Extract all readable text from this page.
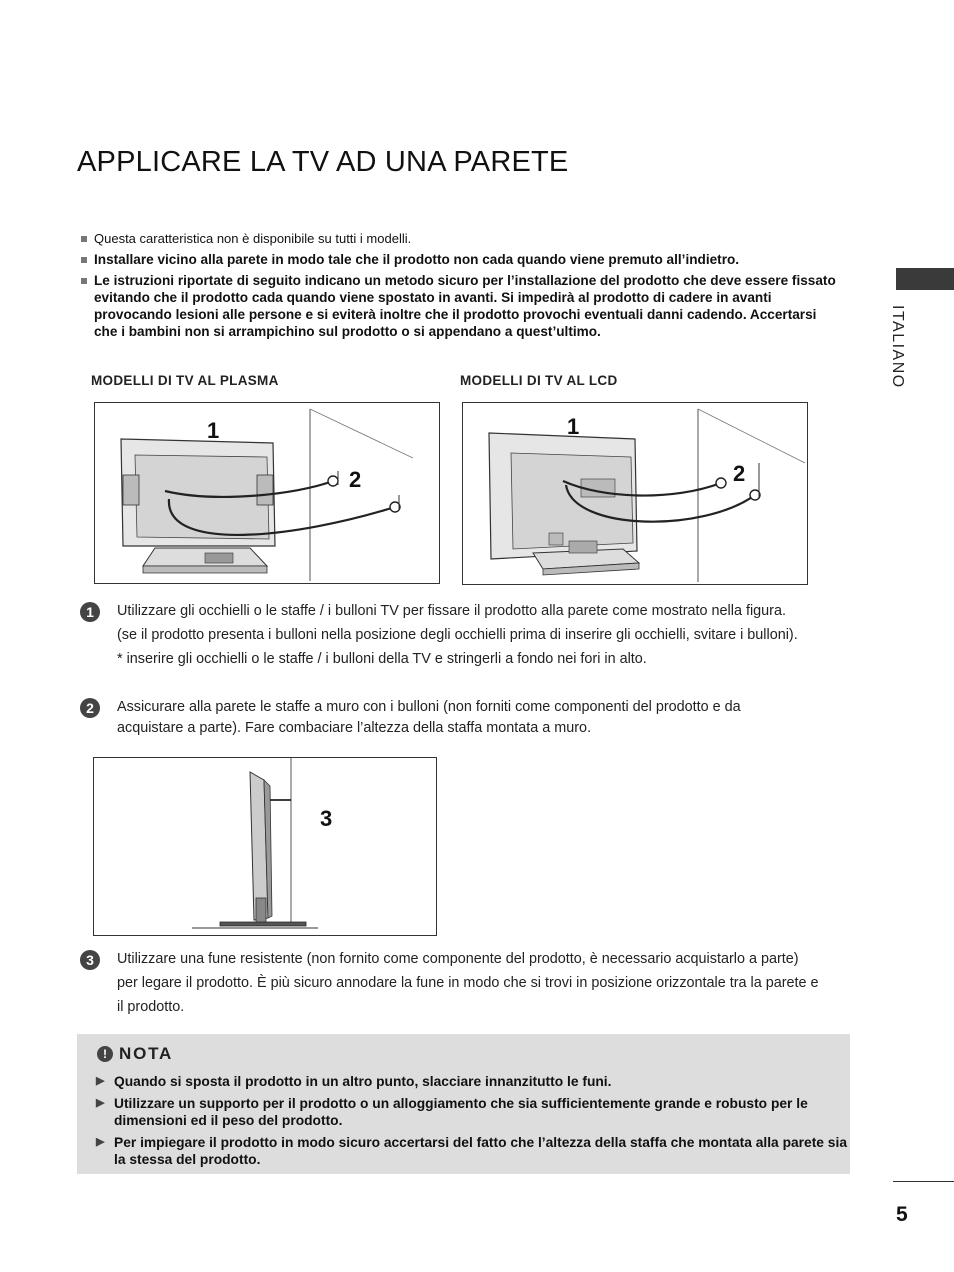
APPLICARE LA TV AD UNA PARETE
Questa caratteristica non è disponibile su tutti i modelli.
Installare vicino alla parete in modo tale che il prodotto non cada quando viene premuto all’indietro.
Le istruzioni riportate di seguito indicano un metodo sicuro per l’installazione del prodotto che deve essere fissato evitando che il prodotto cada quando viene spostato in avanti. Si impedirà al prodotto di cadere in avanti provocando lesioni alle persone e si eviterà inoltre che il prodotto provochi eventuali danni cadendo. Accertarsi che i bambini non si arrampichino sul prodotto o si appendano a quest’ultimo.	ITALIANO
MODELLI DI TV AL PLASMA	MODELLI DI TV AL LCD
1
2
1
2
1	Utilizzare gli occhielli o le staffe / i bulloni TV per fissare il prodotto alla parete come mostrato nella figura.
(se il prodotto presenta i bulloni nella posizione degli occhielli prima di inserire gli occhielli, svitare i bulloni).
* inserire gli occhielli o le staffe / i bulloni della TV e stringerli a fondo nei fori in alto.
2	Assicurare alla parete le staffe a muro con i bulloni (non forniti come componenti del prodotto e da
acquistare a parte). Fare combaciare l’altezza della staffa montata a muro.
3
3	Utilizzare una fune resistente (non fornito come componente del prodotto, è necessario acquistarlo a parte)
per legare il prodotto. È più sicuro annodare la fune in modo che si trovi in posizione orizzontale tra la parete e
il prodotto.
! NOTA
▶ Quando si sposta il prodotto in un altro punto, slacciare innanzitutto le funi.
▶ Utilizzare un supporto per il prodotto o un alloggiamento che sia sufficientemente grande e robusto per le dimensioni ed il peso del prodotto.
▶ Per impiegare il prodotto in modo sicuro accertarsi del fatto che l’altezza della staffa che montata alla parete sia la stessa del prodotto.
5
